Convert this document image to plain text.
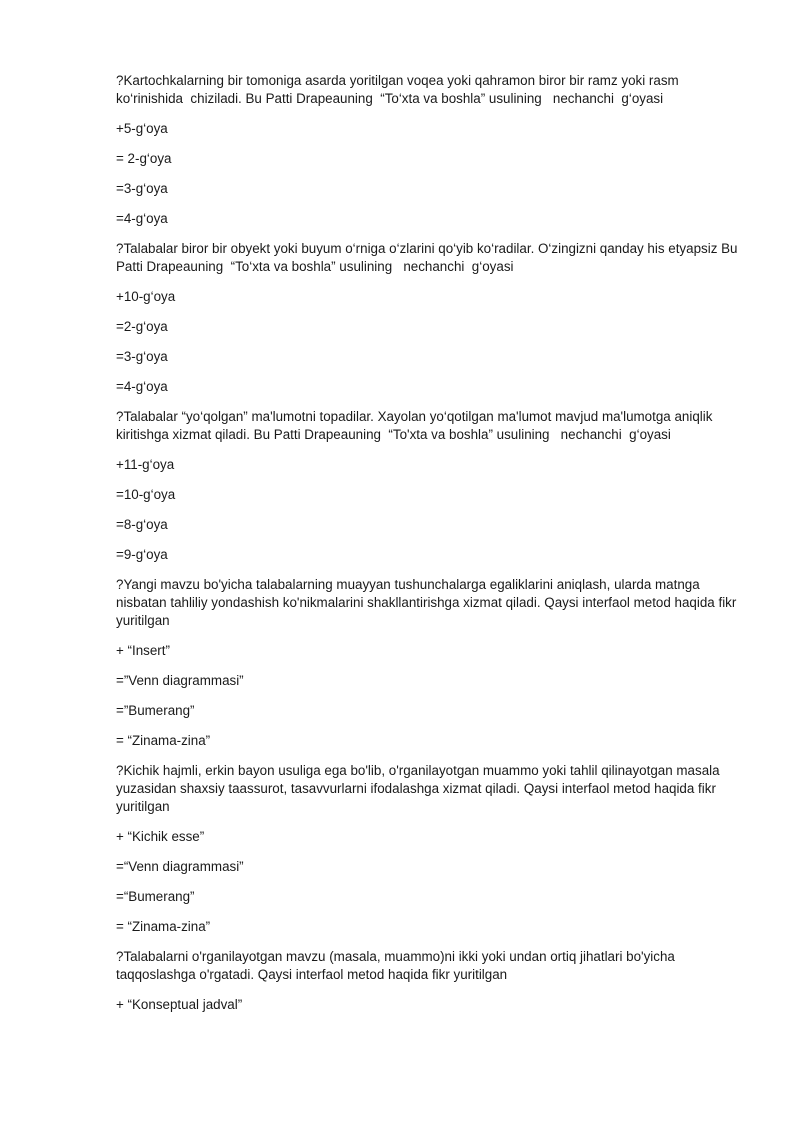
?Kartochkalarning bir tomoniga asarda yoritilgan voqea yoki qahramon biror bir ramz yoki rasm ko‘rinishida  chiziladi. Bu Patti Drapeauning  “To‘xta va boshla” usulining   nechanchi  g‘oyasi

+5-g‘oya

= 2-g‘oya

=3-g‘oya

=4-g‘oya

?Talabalar biror bir obyekt yoki buyum o‘rniga o‘zlarini qo‘yib ko‘radilar. O‘zingizni qanday his etyapsiz Bu Patti Drapeauning  “To‘xta va boshla” usulining   nechanchi  g‘oyasi

+10-g‘oya

=2-g‘oya

=3-g‘oya

=4-g‘oya

?Talabalar “yo‘qolgan” ma'lumotni topadilar. Xayolan yo‘qotilgan ma'lumot mavjud ma'lumotga aniqlik kiritishga xizmat qiladi. Bu Patti Drapeauning  “To'xta va boshla” usulining   nechanchi  g‘oyasi

+11-g‘oya

=10-g‘oya

=8-g‘oya

=9-g‘oya

?Yangi mavzu bo'yicha talabalarning muayyan tushunchalarga egaliklarini aniqlash, ularda matnga nisbatan tahliliy yondashish ko'nikmalarini shakllantirishga xizmat qiladi. Qaysi interfaol metod haqida fikr yuritilgan

+ “Insert”

=”Venn diagrammasi”

=”Bumerang”

= “Zinama-zina”

?Kichik hajmli, erkin bayon usuliga ega bo'lib, o'rganilayotgan muammo yoki tahlil qilinayotgan masala yuzasidan shaxsiy taassurot, tasavvurlarni ifodalashga xizmat qiladi. Qaysi interfaol metod haqida fikr yuritilgan

+ “Kichik esse”

=“Venn diagrammasi”

=“Bumerang”

= “Zinama-zina”

?Talabalarni o'rganilayotgan mavzu (masala, muammo)ni ikki yoki undan ortiq jihatlari bo'yicha taqqoslashga o'rgatadi. Qaysi interfaol metod haqida fikr yuritilgan

+ “Konseptual jadval”
